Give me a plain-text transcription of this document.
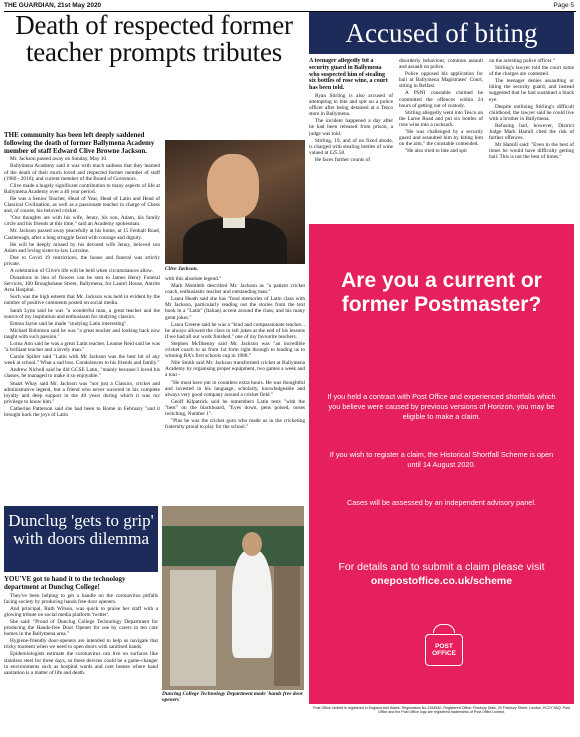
THE GUARDIAN, 21st May 2020	Page 5
Death of respected former teacher prompts tributes

THE community has been left deeply saddened following the death of former Ballymena Academy member of staff Edward Clive Browne Jackson.

Mr. Jackson passed away on Sunday, May 10.

Ballymena Academy said it was with much sadness that they learned of the death of their much loved and respected former member of staff (1980 - 2010), and current member of the Board of Governors.

Clive made a hugely significant contribution to many aspects of life at Ballymena Academy over a 40 year period.

He was a Senior Teacher, Head of Year, Head of Latin and Head of Classical Civilisation, as well as a passionate teacher in charge of Chess and, of course, his beloved cricket.

"Our thoughts are with his wife, Jenny, his son, Adam, his family circle and his friends at this time," said an Academy spokesman.

Mr. Jackson passed away peacefully at his home, at 15 Fenhall Road, Castlereagh, after a long struggle faced with courage and dignity.

He will be deeply missed by his devoted wife Jenny, beloved son Adam and loving sister-in-law Lorraine.

Due to Covid 19 restrictions, the house and funeral was strictly private.

A celebration of Clive's life will be held when circumstances allow.

Donations in lieu of flowers can be sent to James Henry Funeral Services, 100 Broughshane Street, Ballymena, for Laurel House, Antrim Area Hospital.

Such was the high esteem that Mr. Jackson was held in evident by the number of positive comments posted on social media.

Sarah Lynn said he was "a wonderful man, a great teacher and the source of my inspiration and enthusiasm for studying classics.

Emma Jayne said he made "studying Latin interesting".

Michael Robinson said he was "a great teacher and looking back now taught with such passion."

Lorna Ann said he was a great Latin teacher. Leanne Reid said he was "a brilliant teacher and a lovely man."

Carole Spiller said "Latin with Mr Jackson was the best bit of any week at school." What a sad loss. Condolences to his friends and family."

Andrew Nicholl said he did GCSE Latin, "mainly because I loved his classes, he managed to make it so enjoyable."

Stuart Whay said Mr. Jackson was "not just a Classics, cricket and administrative legend, but a friend who never wavered in his complete loyalty and deep support in the 40 years during which it was my privilege to know him."

Catherine Patterson said she had been to Rome in February "and it brought back the joys of Latin

Clive Jackson.

with this absolute legend."

Mark Montieth described Mr. Jackson as "a patient cricket coach, enthusiastic teacher and outstanding man."

Laura Heath said she has "fond memories of Latin class with Mr Jackson, particularly reading out the stories from the text book in a "Latin" (Italian) accent around the class, and his many great jokes."

Laura Greene said he was a "kind and compassionate teacher... he always allowed the class to tell jokes at the end of his lessons if we had all our work finished." one of my favourite teachers.

Stephen McIlhenny said Mr. Jackson was "an incredible cricket coach to us from 1st form right through to leading us to winning BA's first schools cup in 1988."

Nile Smith said Mr. Jackson transformed cricket at Ballymena Academy by organising proper equipment, two games a week and a tour -

"He must have put in countless extra hours. He was thoughtful and invested in his language, scholarly, knowledgeable and always very good company around a cricket field."

Geoff Kilpatrick said he remembers Latin tests "with the "best" on the blackboard, "Eyes down, pens poised, noses twitching, Number 1".

"Plus he was the cricket guru who made us in the cricketing fraternity proud to play for the school."

Dunclug 'gets to grip' with doors dilemma

YOU'VE got to hand it to the technology department at Dunclug College!

They've been helping to get a handle on the coronavirus pitfalls facing society by producing hands free door openers.

And principal, Ruth Wilson, was quick to praise her staff with a glowing tribute on social media platform 'twitter'.

She said: "Proud of Dunclug College Technology Department for producing the Hands-free Door Opener for use by carers in ten care homes in the Ballymena area."

Hygiene-friendly door-openers are intended to help us navigate that tricky moment when we need to open doors with sanitised hands.

Epidemiologists estimate the coronavirus can live on surfaces like stainless steel for three days, so these devices could be a game-changer in environments such as hospital wards and care homes where hand sanitation is a matter of life and death.

Dunclug College Technology Department made 'hands free door openers'
Accused of biting

A teenager allegedly bit a security guard in Ballymena who suspected him of stealing six bottles of rose wine, a court has been told.

Ryan Stirling is also accused of attempting to bite and spit on a police officer after being detained at a Tesco store in Ballymena.

The incident happened a day after he had been released from prison, a judge was told.

Stirling, 19, and of no fixed abode, is charged with stealing bottles of wine valued at £25.50.

He faces further counts of

disorderly behaviour, common assault and assault on police.

Police opposed his application for bail at Ballymena Magistrates' Court, sitting in Belfast.

A PSNI constable claimed he committed the offences within 24 hours of getting out of custody.

Stirling allegedly went into Tesco on the Larne Road and put six bottles of rose wine into a rucksack.

"He was challenged by a security guard and assaulted him by biting him on the arm," the constable contended.

"He also tried to bite and spit

on the arresting police officer."

Stirling's lawyer told the court some of the charges are contested.

The teenager denies assaulting or biting the security guard, and instead suggested that he had sustained a black eye.

Despite outlining Stirling's difficult childhood, the lawyer said he could live with a brother in Ballymena.

Refusing bail, however, District Judge Mark Hamill cited the risk of further offences.

Mr Hamill said: "Even in the best of times he would have difficulty getting bail. This is not the best of times."

Are you a current or former Postmaster?
If you held a contract with Post Office and experienced shortfalls which you believe were caused by previous versions of Horizon, you may be eligible to make a claim.
If you wish to register a claim, the Historical Shortfall Scheme is open until 14 August 2020.
Cases will be assessed by an independent advisory panel.
For details and to submit a claim please visit
onepostoffice.co.uk/scheme
POST
OFFICE
Post Office Limited is registered in England and Wales. Registration No 2154540. Registered Office: Finsbury Dials, 20 Finsbury Street, London, EC2Y 9AQ. Post Office and the Post Office logo are registered trademarks of Post Office Limited.
